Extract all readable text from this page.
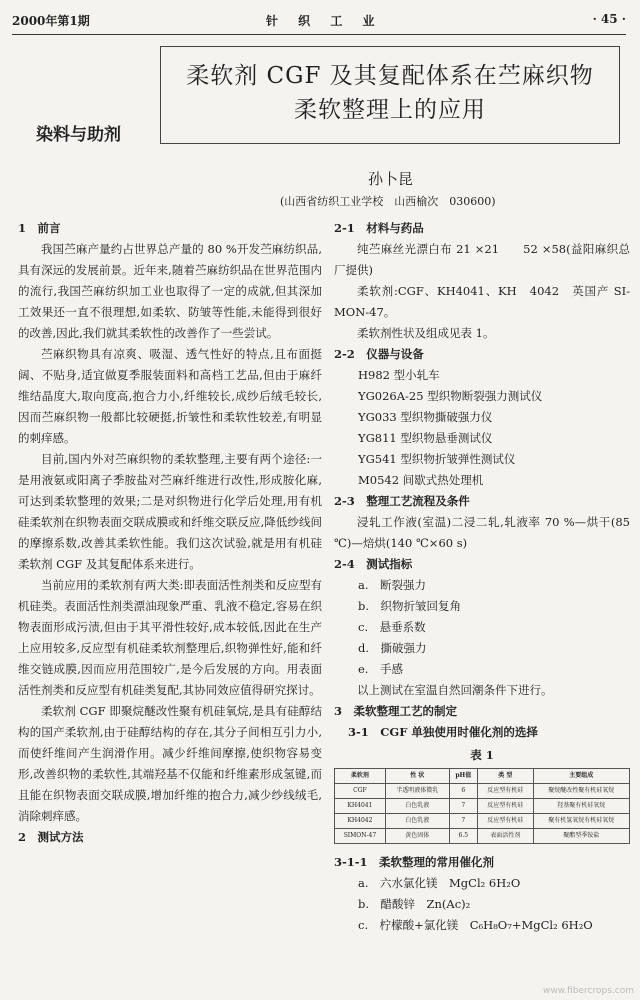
2000年第1期	针 织 工 业	· 45 ·
染料与助剂
柔软剂 CGF 及其复配体系在苎麻织物
柔软整理上的应用
孙卜昆
(山西省纺织工业学校　山西榆次　030600)
1　前言
我国苎麻产量约占世界总产量的 80 %开发苎麻纺织品,具有深远的发展前景。近年来,随着苎麻纺织品在世界范围内的流行,我国苎麻纺织加工业也取得了一定的成就,但其深加工效果还一直不很理想,如柔软、防皱等性能,未能得到很好的改善,因此,我们就其柔软性的改善作了一些尝试。
苎麻织物具有凉爽、吸湿、透气性好的特点,且布面挺阔、不贴身,适宜做夏季服装面料和高档工艺品,但由于麻纤维结晶度大,取向度高,抱合力小,纤维较长,成纱后绒毛较长,因而苎麻织物一般都比较硬挺,折皱性和柔软性较差,有明显的刺痒感。
目前,国内外对苎麻织物的柔软整理,主要有两个途径:一是用液氨或阳离子季胺盐对苎麻纤维进行改性,形成胺化麻,可达到柔软整理的效果;二是对织物进行化学后处理,用有机硅柔软剂在织物表面交联成膜或和纤维交联反应,降低纱线间的摩擦系数,改善其柔软性能。我们这次试验,就是用有机硅柔软剂 CGF 及其复配体系来进行。
当前应用的柔软剂有两大类:即表面活性剂类和反应型有机硅类。表面活性剂类漂油现象严重、乳液不稳定,容易在织物表面形成污渍,但由于其平滑性较好,成本较低,因此在生产上应用较多,反应型有机硅柔软剂整理后,织物弹性好,能和纤维交链成膜,因而应用范围较广,是今后发展的方向。用表面活性剂类和反应型有机硅类复配,其协同效应值得研究探讨。
柔软剂 CGF 即聚烷醚改性聚有机硅氧烷,是具有硅醇结构的国产柔软剂,由于硅醇结构的存在,其分子间相互引力小,而使纤维间产生润滑作用。减少纤维间摩擦,使织物容易变形,改善织物的柔软性,其端羟基不仅能和纤维素形成氢键,而且能在织物表面交联成膜,增加纤维的抱合力,减少纱线绒毛,消除刺痒感。
2　测试方法
2-1　材料与药品
纯苎麻丝光漂白布 21 ×21　　52 ×58(益阳麻织总厂提供)
柔软剂:CGF、KH4041、KH　4042　英国产 SI-MON-47。
柔软剂性状及组成见表 1。
2-2　仪器与设备
H982 型小轧车
YG026A-25 型织物断裂强力测试仪
YG033 型织物撕破强力仪
YG811 型织物悬垂测试仪
YG541 型织物折皱弹性测试仪
M0542 间歇式热处理机
2-3　整理工艺流程及条件
浸轧工作液(室温)二浸二轧,轧液率 70 %—烘干(85 ℃)—焙烘(140 ℃×60 s)
2-4　测试指标
a.　 断裂强力
b.　 织物折皱回复角
c.　 悬垂系数
d.　 撕破强力
e.　 手感
以上测试在室温自然回潮条件下进行。
3　柔软整理工艺的制定
3-1　CGF 单独使用时催化剂的选择
表 1
柔软剂	性 状	pH值	类 型	主要组成
CGF	半透明液体微乳	6	反应型有机硅	聚烷醚改性聚有机硅氧烷
KH4041	白色乳液	7	反应型有机硅	羟基聚有机硅氧烷
KH4042	白色乳液	7	反应型有机硅	聚有机氢氧烷有机硅氧烷
SIMON-47	黄色固体	6.5	表面活性剂	聚酯型季铵盐
3-1-1　柔软整理的常用催化剂
a.　 六水氯化镁　 MgCl₂ 6H₂O
b.　 醋酸锌　 Zn(Ac)₂
c.　 柠檬酸+氯化镁　 C₆H₈O₇+MgCl₂ 6H₂O
www.fibercrops.com
